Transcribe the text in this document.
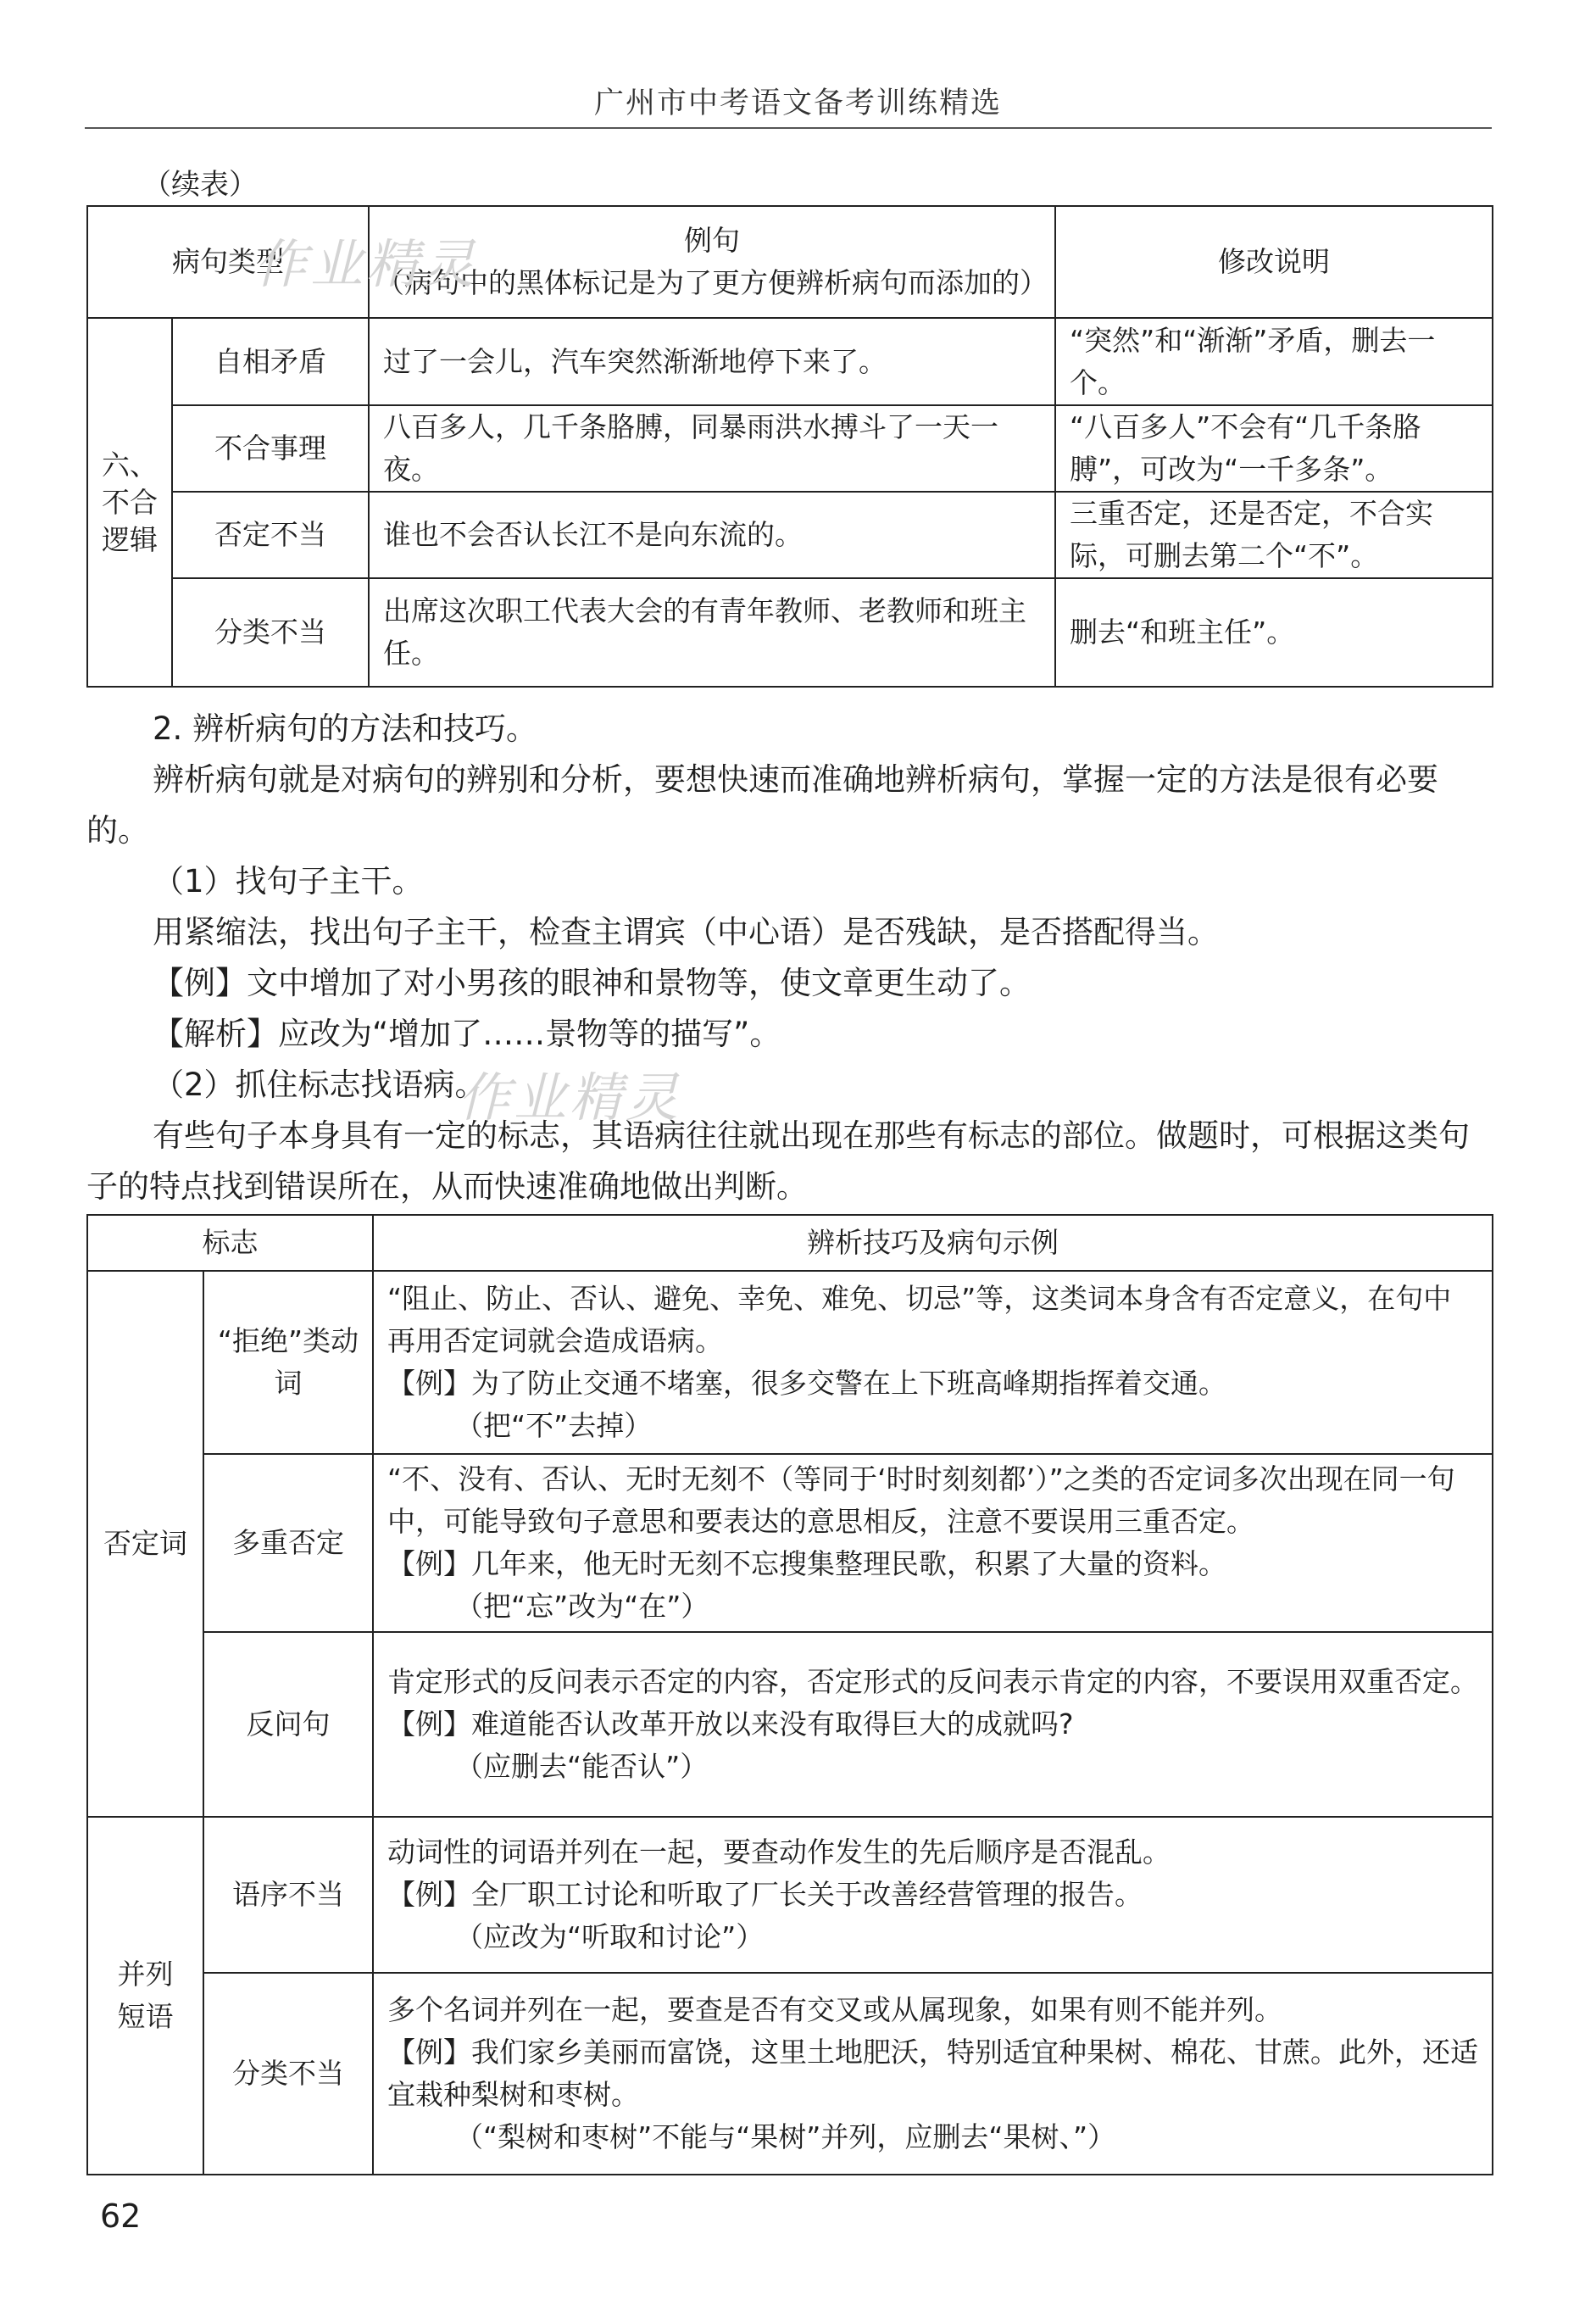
广州市中考语文备考训练精选
（续表）
病句类型		例句
（病句中的黑体标记是为了更方便辨析病句而添加的）	修改说明
六、不合逻辑	自相矛盾	过了一会儿，汽车突然渐渐地停下来了。	“突然”和“渐渐”矛盾，删去一个。
	不合事理	八百多人，几千条胳膊，同暴雨洪水搏斗了一天一夜。	“八百多人”不会有“几千条胳膊”，可改为“一千多条”。
	否定不当	谁也不会否认长江不是向东流的。	三重否定，还是否定，不合实际，可删去第二个“不”。
	分类不当	出席这次职工代表大会的有青年教师、老教师和班主任。	删去“和班主任”。
2. 辨析病句的方法和技巧。
辨析病句就是对病句的辨别和分析，要想快速而准确地辨析病句，掌握一定的方法是很有必要的。
（1）找句子主干。
用紧缩法，找出句子主干，检查主谓宾（中心语）是否残缺，是否搭配得当。
【例】文中增加了对小男孩的眼神和景物等，使文章更生动了。
【解析】应改为“增加了……景物等的描写”。
（2）抓住标志找语病。
有些句子本身具有一定的标志，其语病往往就出现在那些有标志的部位。做题时，可根据这类句子的特点找到错误所在，从而快速准确地做出判断。
标志		辨析技巧及病句示例
否定词	“拒绝”类动词	“阻止、防止、否认、避免、幸免、难免、切忌”等，这类词本身含有否定意义，在句中再用否定词就会造成语病。
【例】为了防止交通不堵塞，很多交警在上下班高峰期指挥着交通。
（把“不”去掉）

	多重否定	“不、没有、否认、无时无刻不（等同于‘时时刻刻都’）”之类的否定词多次出现在同一句中，可能导致句子意思和要表达的意思相反，注意不要误用三重否定。
【例】几年来，他无时无刻不忘搜集整理民歌，积累了大量的资料。
（把“忘”改为“在”）

	反问句	肯定形式的反问表示否定的内容，否定形式的反问表示肯定的内容，不要误用双重否定。
【例】难道能否认改革开放以来没有取得巨大的成就吗?
（应删去“能否认”）

并列短语	语序不当	动词性的词语并列在一起，要查动作发生的先后顺序是否混乱。
【例】全厂职工讨论和听取了厂长关于改善经营管理的报告。
（应改为“听取和讨论”）

	分类不当	多个名词并列在一起，要查是否有交叉或从属现象，如果有则不能并列。
【例】我们家乡美丽而富饶，这里土地肥沃，特别适宜种果树、棉花、甘蔗。此外，还适宜栽种梨树和枣树。
（“梨树和枣树”不能与“果树”并列，应删去“果树、”）
作业精灵
作业精灵
62
